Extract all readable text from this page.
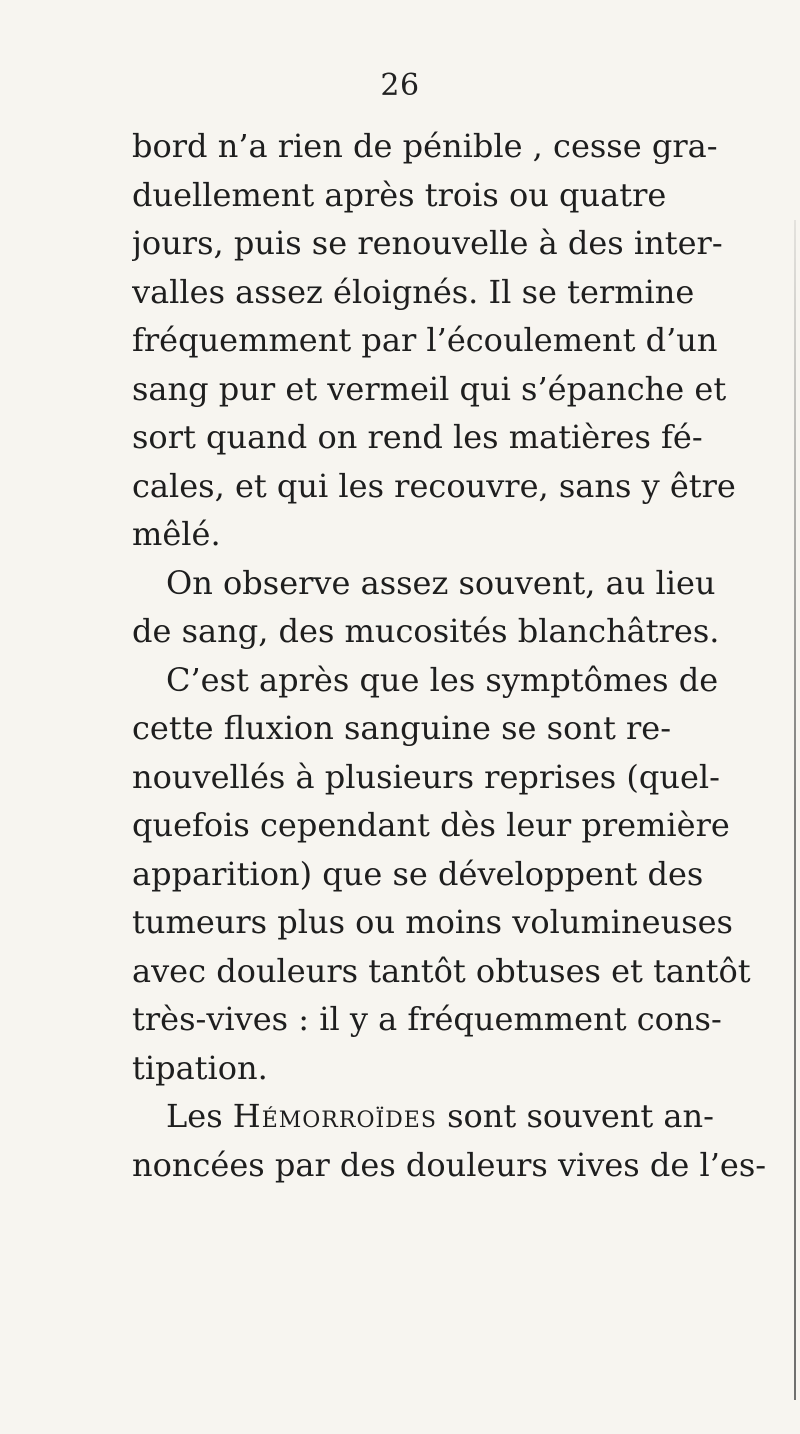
26
bord n’a rien de pénible , cesse gra-
duellement après trois ou quatre
jours, puis se renouvelle à des inter-
valles assez éloignés. Il se termine
fréquemment par l’écoulement d’un
sang pur et vermeil qui s’épanche et
sort quand on rend les matières fé-
cales, et qui les recouvre, sans y être
mêlé.
On observe assez souvent, au lieu
de sang, des mucosités blanchâtres.
C’est après que les symptômes de
cette fluxion sanguine se sont re-
nouvellés à plusieurs reprises (quel-
quefois cependant dès leur première
apparition) que se développent des
tumeurs plus ou moins volumineuses
avec douleurs tantôt obtuses et tantôt
très-vives : il y a fréquemment cons-
tipation.
Les Hémorroïdes sont souvent an-
noncées par des douleurs vives de l’es-
